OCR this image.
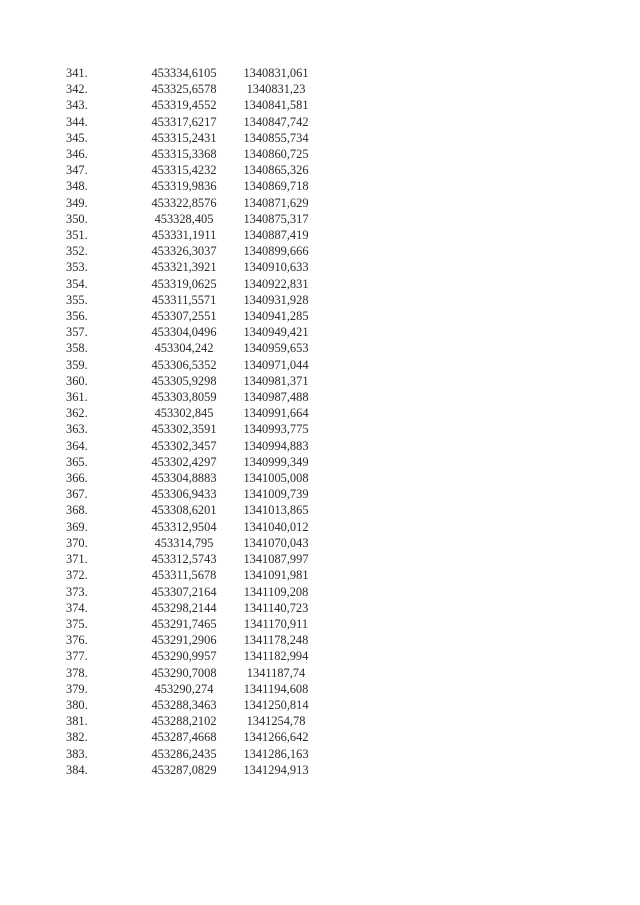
341.	453334,6105	1340831,061
342.	453325,6578	1340831,23
343.	453319,4552	1340841,581
344.	453317,6217	1340847,742
345.	453315,2431	1340855,734
346.	453315,3368	1340860,725
347.	453315,4232	1340865,326
348.	453319,9836	1340869,718
349.	453322,8576	1340871,629
350.	453328,405	1340875,317
351.	453331,1911	1340887,419
352.	453326,3037	1340899,666
353.	453321,3921	1340910,633
354.	453319,0625	1340922,831
355.	453311,5571	1340931,928
356.	453307,2551	1340941,285
357.	453304,0496	1340949,421
358.	453304,242	1340959,653
359.	453306,5352	1340971,044
360.	453305,9298	1340981,371
361.	453303,8059	1340987,488
362.	453302,845	1340991,664
363.	453302,3591	1340993,775
364.	453302,3457	1340994,883
365.	453302,4297	1340999,349
366.	453304,8883	1341005,008
367.	453306,9433	1341009,739
368.	453308,6201	1341013,865
369.	453312,9504	1341040,012
370.	453314,795	1341070,043
371.	453312,5743	1341087,997
372.	453311,5678	1341091,981
373.	453307,2164	1341109,208
374.	453298,2144	1341140,723
375.	453291,7465	1341170,911
376.	453291,2906	1341178,248
377.	453290,9957	1341182,994
378.	453290,7008	1341187,74
379.	453290,274	1341194,608
380.	453288,3463	1341250,814
381.	453288,2102	1341254,78
382.	453287,4668	1341266,642
383.	453286,2435	1341286,163
384.	453287,0829	1341294,913
